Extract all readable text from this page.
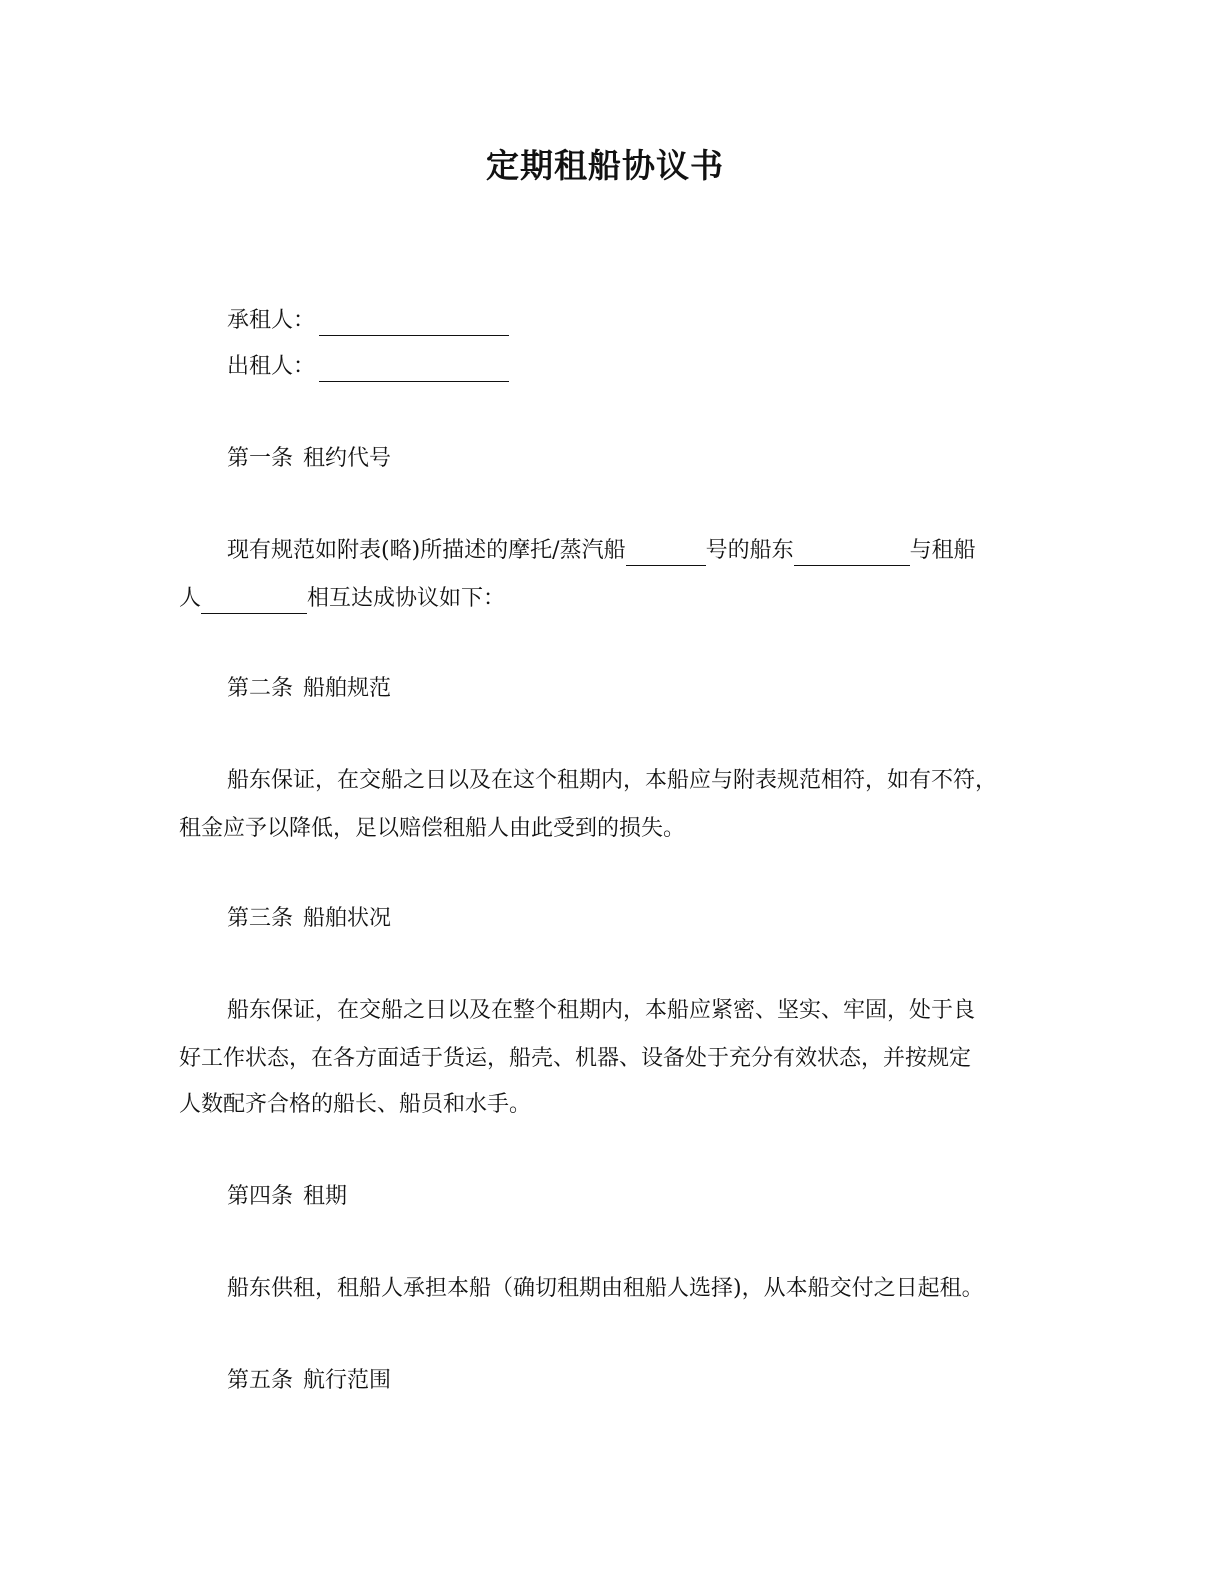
定期租船协议书
承租人：
出租人：
第一条 租约代号
现有规范如附表(略)所描述的摩托/蒸汽船	号的船东	与租船
人	相互达成协议如下：
第二条 船舶规范
船东保证，在交船之日以及在这个租期内，本船应与附表规范相符，如有不符，
租金应予以降低，足以赔偿租船人由此受到的损失。
第三条 船舶状况
船东保证，在交船之日以及在整个租期内，本船应紧密、坚实、牢固，处于良
好工作状态，在各方面适于货运，船壳、机器、设备处于充分有效状态，并按规定
人数配齐合格的船长、船员和水手。
第四条 租期
船东供租，租船人承担本船（确切租期由租船人选择)，从本船交付之日起租。
第五条 航行范围
